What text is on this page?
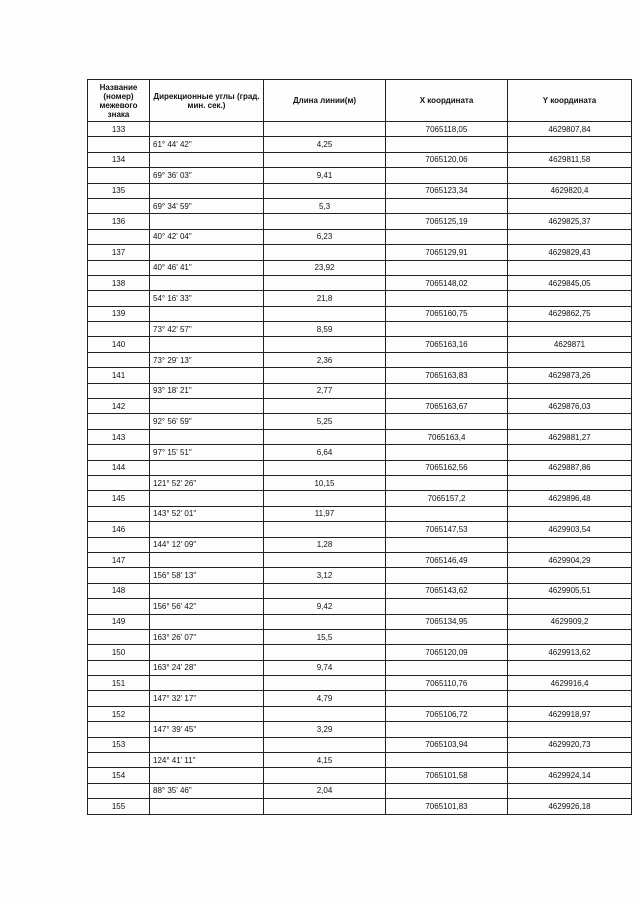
Название (номер) межевого знака	Дирекционные углы (град. мин. сек.)	Длина линии(м)	X координата	Y координата
133			7065118,05	4629807,84
	61° 44' 42"	4,25		
134			7065120,06	4629811,58
	69° 36' 03"	9,41		
135			7065123,34	4629820,4
	69° 34' 59"	5,3		
136			7065125,19	4629825,37
	40° 42' 04"	6,23		
137			7065129,91	4629829,43
	40° 46' 41"	23,92		
138			7065148,02	4629845,05
	54° 16' 33"	21,8		
139			7065160,75	4629862,75
	73° 42' 57"	8,59		
140			7065163,16	4629871
	73° 29' 13"	2,36		
141			7065163,83	4629873,26
	93° 18' 21"	2,77		
142			7065163,67	4629876,03
	92° 56' 59"	5,25		
143			7065163,4	4629881,27
	97° 15' 51"	6,64		
144			7065162,56	4629887,86
	121° 52' 26"	10,15		
145			7065157,2	4629896,48
	143° 52' 01"	11,97		
146			7065147,53	4629903,54
	144° 12' 09"	1,28		
147			7065146,49	4629904,29
	156° 58' 13"	3,12		
148			7065143,62	4629905,51
	156° 56' 42"	9,42		
149			7065134,95	4629909,2
	163° 26' 07"	15,5		
150			7065120,09	4629913,62
	163° 24' 28"	9,74		
151			7065110,76	4629916,4
	147° 32' 17"	4,79		
152			7065106,72	4629918,97
	147° 39' 45"	3,29		
153			7065103,94	4629920,73
	124° 41' 11"	4,15		
154			7065101,58	4629924,14
	88° 35' 46"	2,04		
155			7065101,83	4629926,18
